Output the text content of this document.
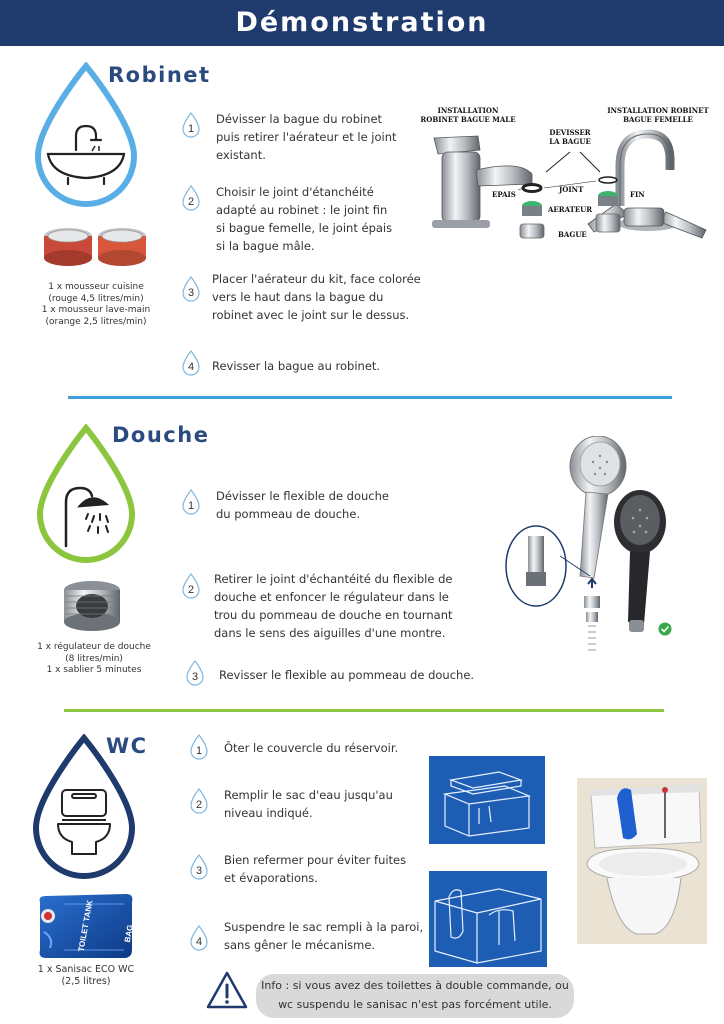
Démonstration
Robinet
1 x mousseur cuisine
(rouge 4,5 litres/min)
1 x mousseur lave-main
(orange 2,5 litres/min)
1
Dévisser la bague du robinet
puis retirer l'aérateur et le joint
existant.
2
Choisir le joint d'étanchéité
adapté au robinet : le joint fin
si bague femelle, le joint épais
si la bague mâle.
3
Placer l'aérateur du kit, face colorée
vers le haut dans la bague du
robinet avec le joint sur le dessus.
4 Revisser la bague au robinet.
INSTALLATION
ROBINET BAGUE MALE
INSTALLATION ROBINET
BAGUE FEMELLE
DEVISSER
LA BAGUE
EPAIS
JOINT
FIN
AERATEUR
BAGUE
Douche
1 x régulateur de douche
(8 litres/min)
1 x sablier 5 minutes
1
Dévisser le flexible de douche
du pommeau de douche.
2
Retirer le joint d'échantéité du flexible de
douche et enfoncer le régulateur dans le
trou du pommeau de douche en tournant
dans le sens des aiguilles d'une montre.
3 Revisser le flexible au pommeau de douche.
WC
TOILET TANK BAG
1 x Sanisac ECO WC
(2,5 litres)
1 Ôter le couvercle du réservoir.
2
Remplir le sac d'eau jusqu'au
niveau indiqué.
3
Bien refermer pour éviter fuites
et évaporations.
4
Suspendre le sac rempli à la paroi,
sans gêner le mécanisme.
Info : si vous avez des toilettes à double commande, ou
wc suspendu le sanisac n'est pas forcément utile.
